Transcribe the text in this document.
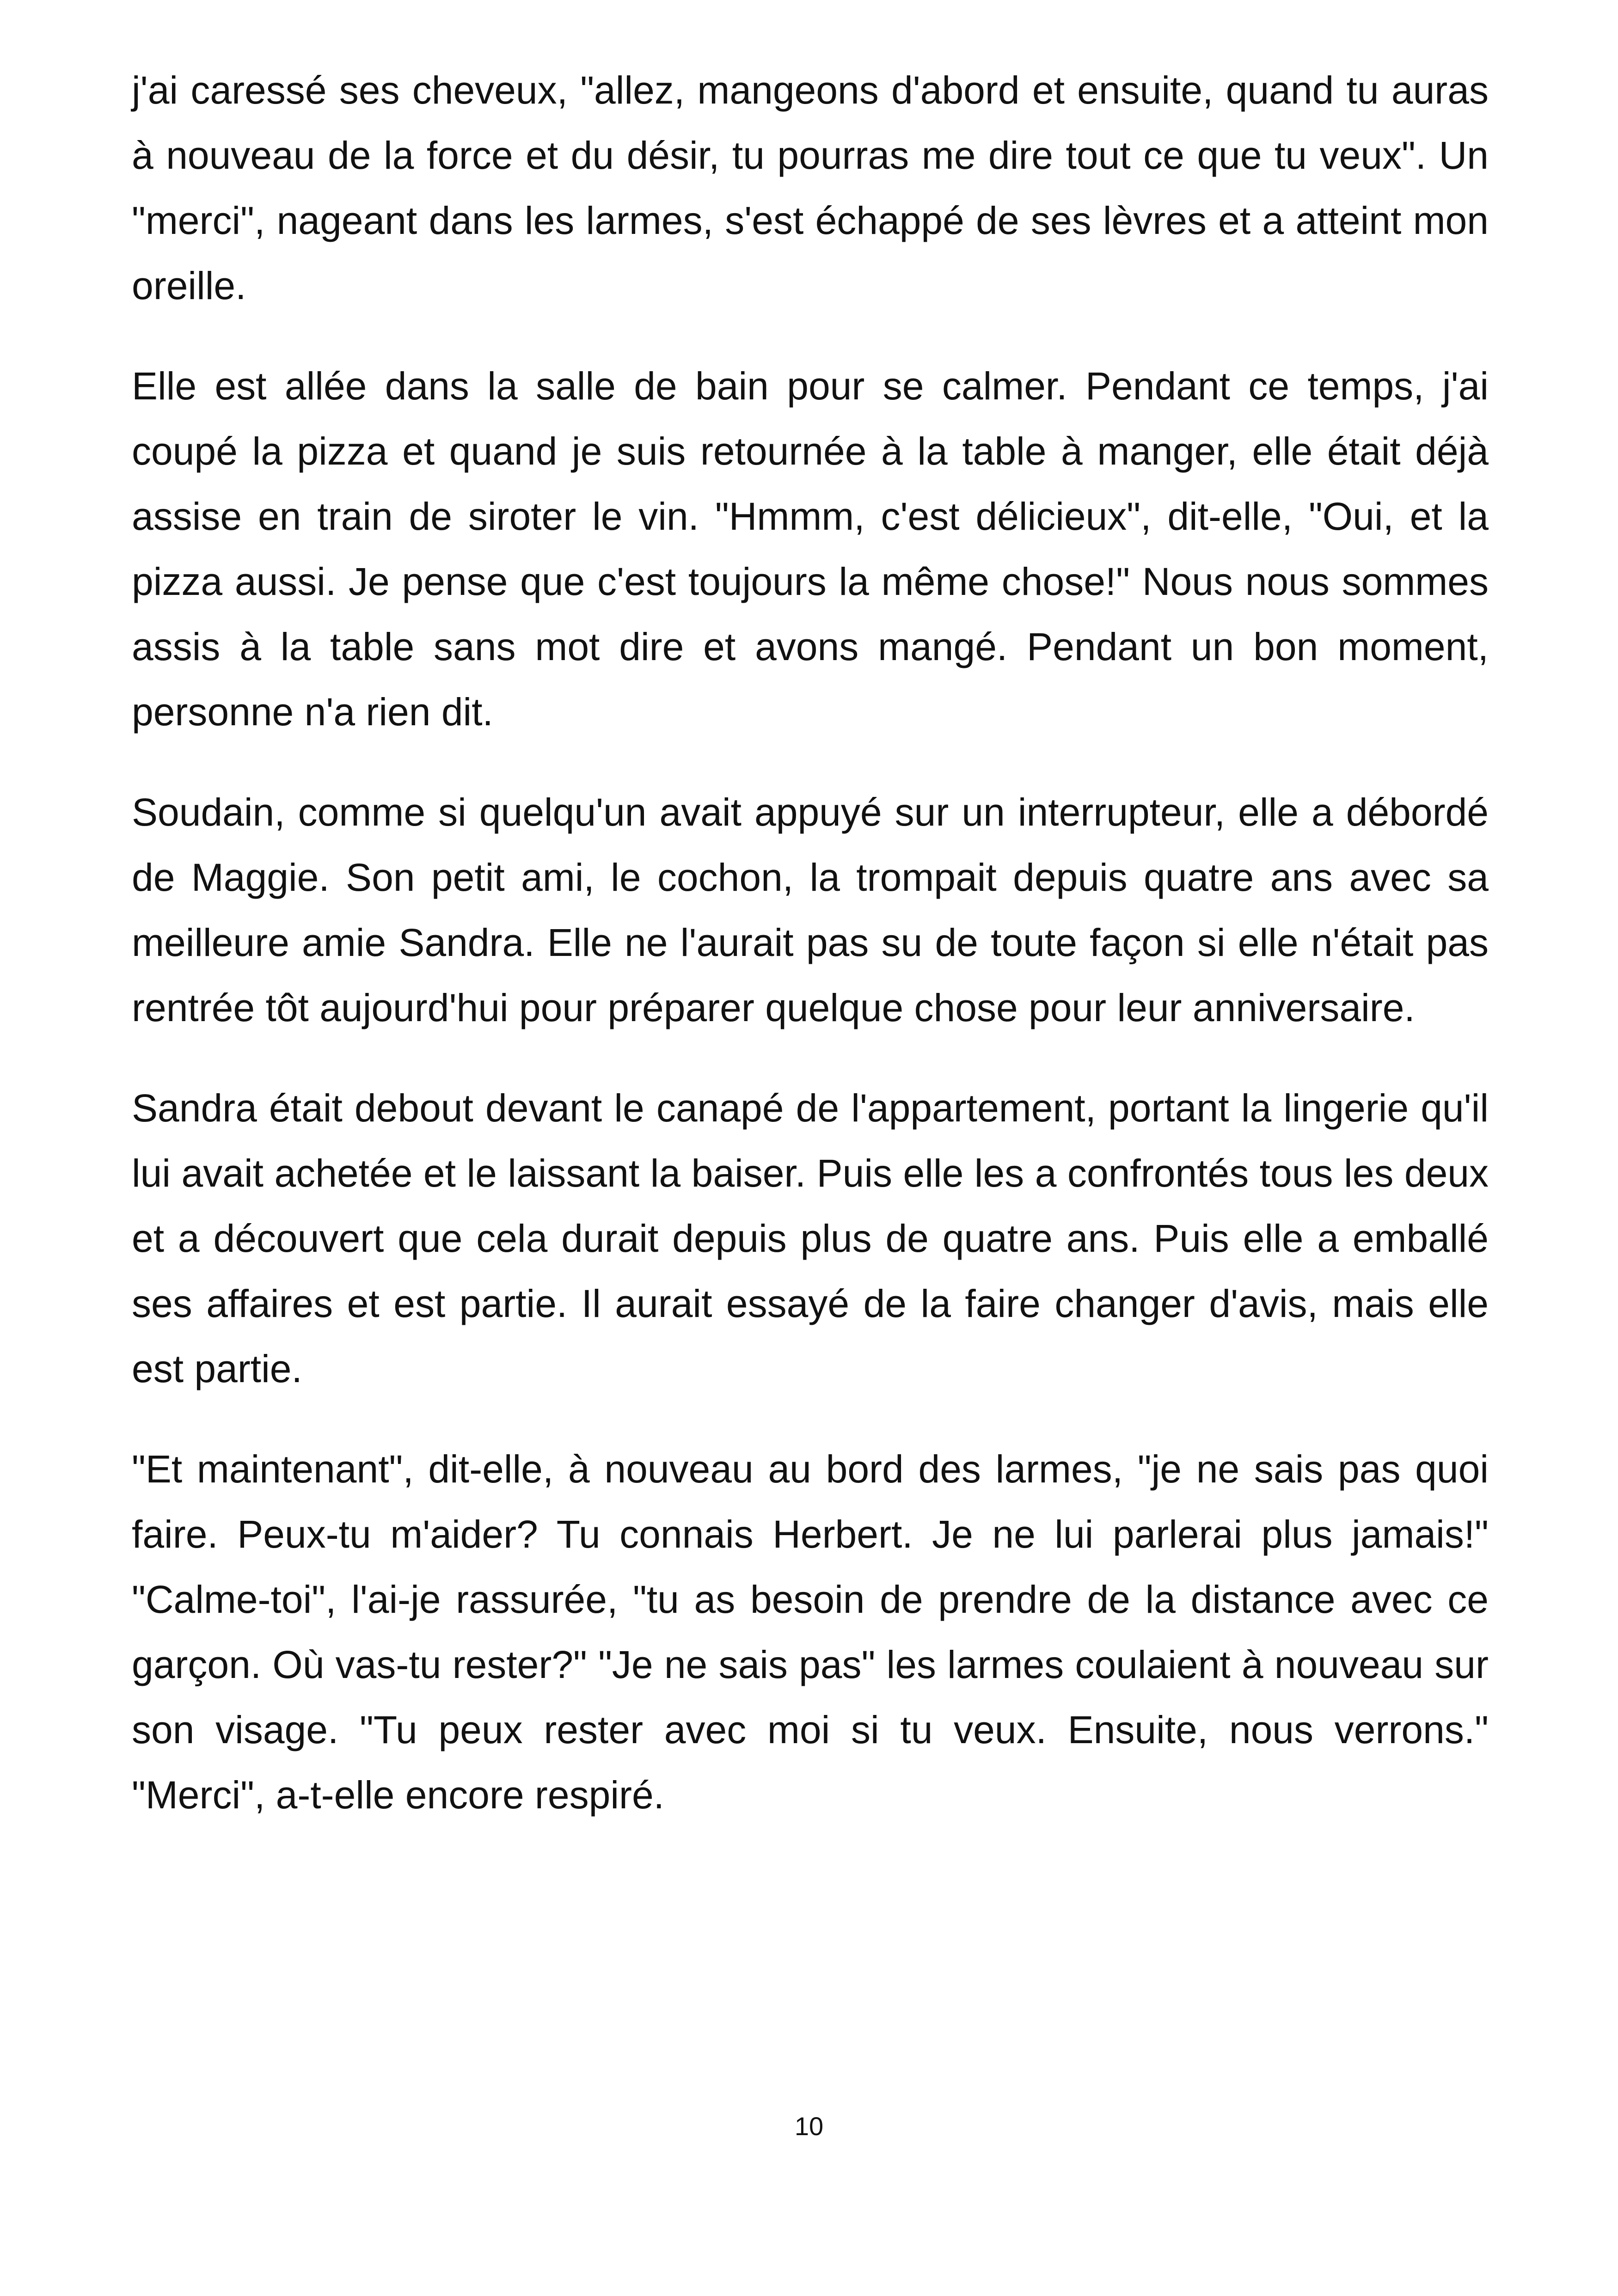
j'ai caressé ses cheveux, "allez, mangeons d'abord et ensuite, quand tu auras à nouveau de la force et du désir, tu pourras me dire tout ce que tu veux". Un "merci", nageant dans les larmes, s'est échappé de ses lèvres et a atteint mon oreille.

Elle est allée dans la salle de bain pour se calmer. Pendant ce temps, j'ai coupé la pizza et quand je suis retournée à la table à manger, elle était déjà assise en train de siroter le vin. "Hmmm, c'est délicieux", dit-elle, "Oui, et la pizza aussi. Je pense que c'est toujours la même chose!" Nous nous sommes assis à la table sans mot dire et avons mangé. Pendant un bon moment, personne n'a rien dit.

Soudain, comme si quelqu'un avait appuyé sur un interrupteur, elle a débordé de Maggie. Son petit ami, le cochon, la trompait depuis quatre ans avec sa meilleure amie Sandra. Elle ne l'aurait pas su de toute façon si elle n'était pas rentrée tôt aujourd'hui pour préparer quelque chose pour leur anniversaire.

Sandra était debout devant le canapé de l'appartement, portant la lingerie qu'il lui avait achetée et le laissant la baiser. Puis elle les a confrontés tous les deux et a découvert que cela durait depuis plus de quatre ans. Puis elle a emballé ses affaires et est partie. Il aurait essayé de la faire changer d'avis, mais elle est partie.

"Et maintenant", dit-elle, à nouveau au bord des larmes, "je ne sais pas quoi faire. Peux-tu m'aider? Tu connais Herbert. Je ne lui parlerai plus jamais!" "Calme-toi", l'ai-je rassurée, "tu as besoin de prendre de la distance avec ce garçon. Où vas-tu rester?" "Je ne sais pas" les larmes coulaient à nouveau sur son visage. "Tu peux rester avec moi si tu veux. Ensuite, nous verrons." "Merci", a-t-elle encore respiré.

10
